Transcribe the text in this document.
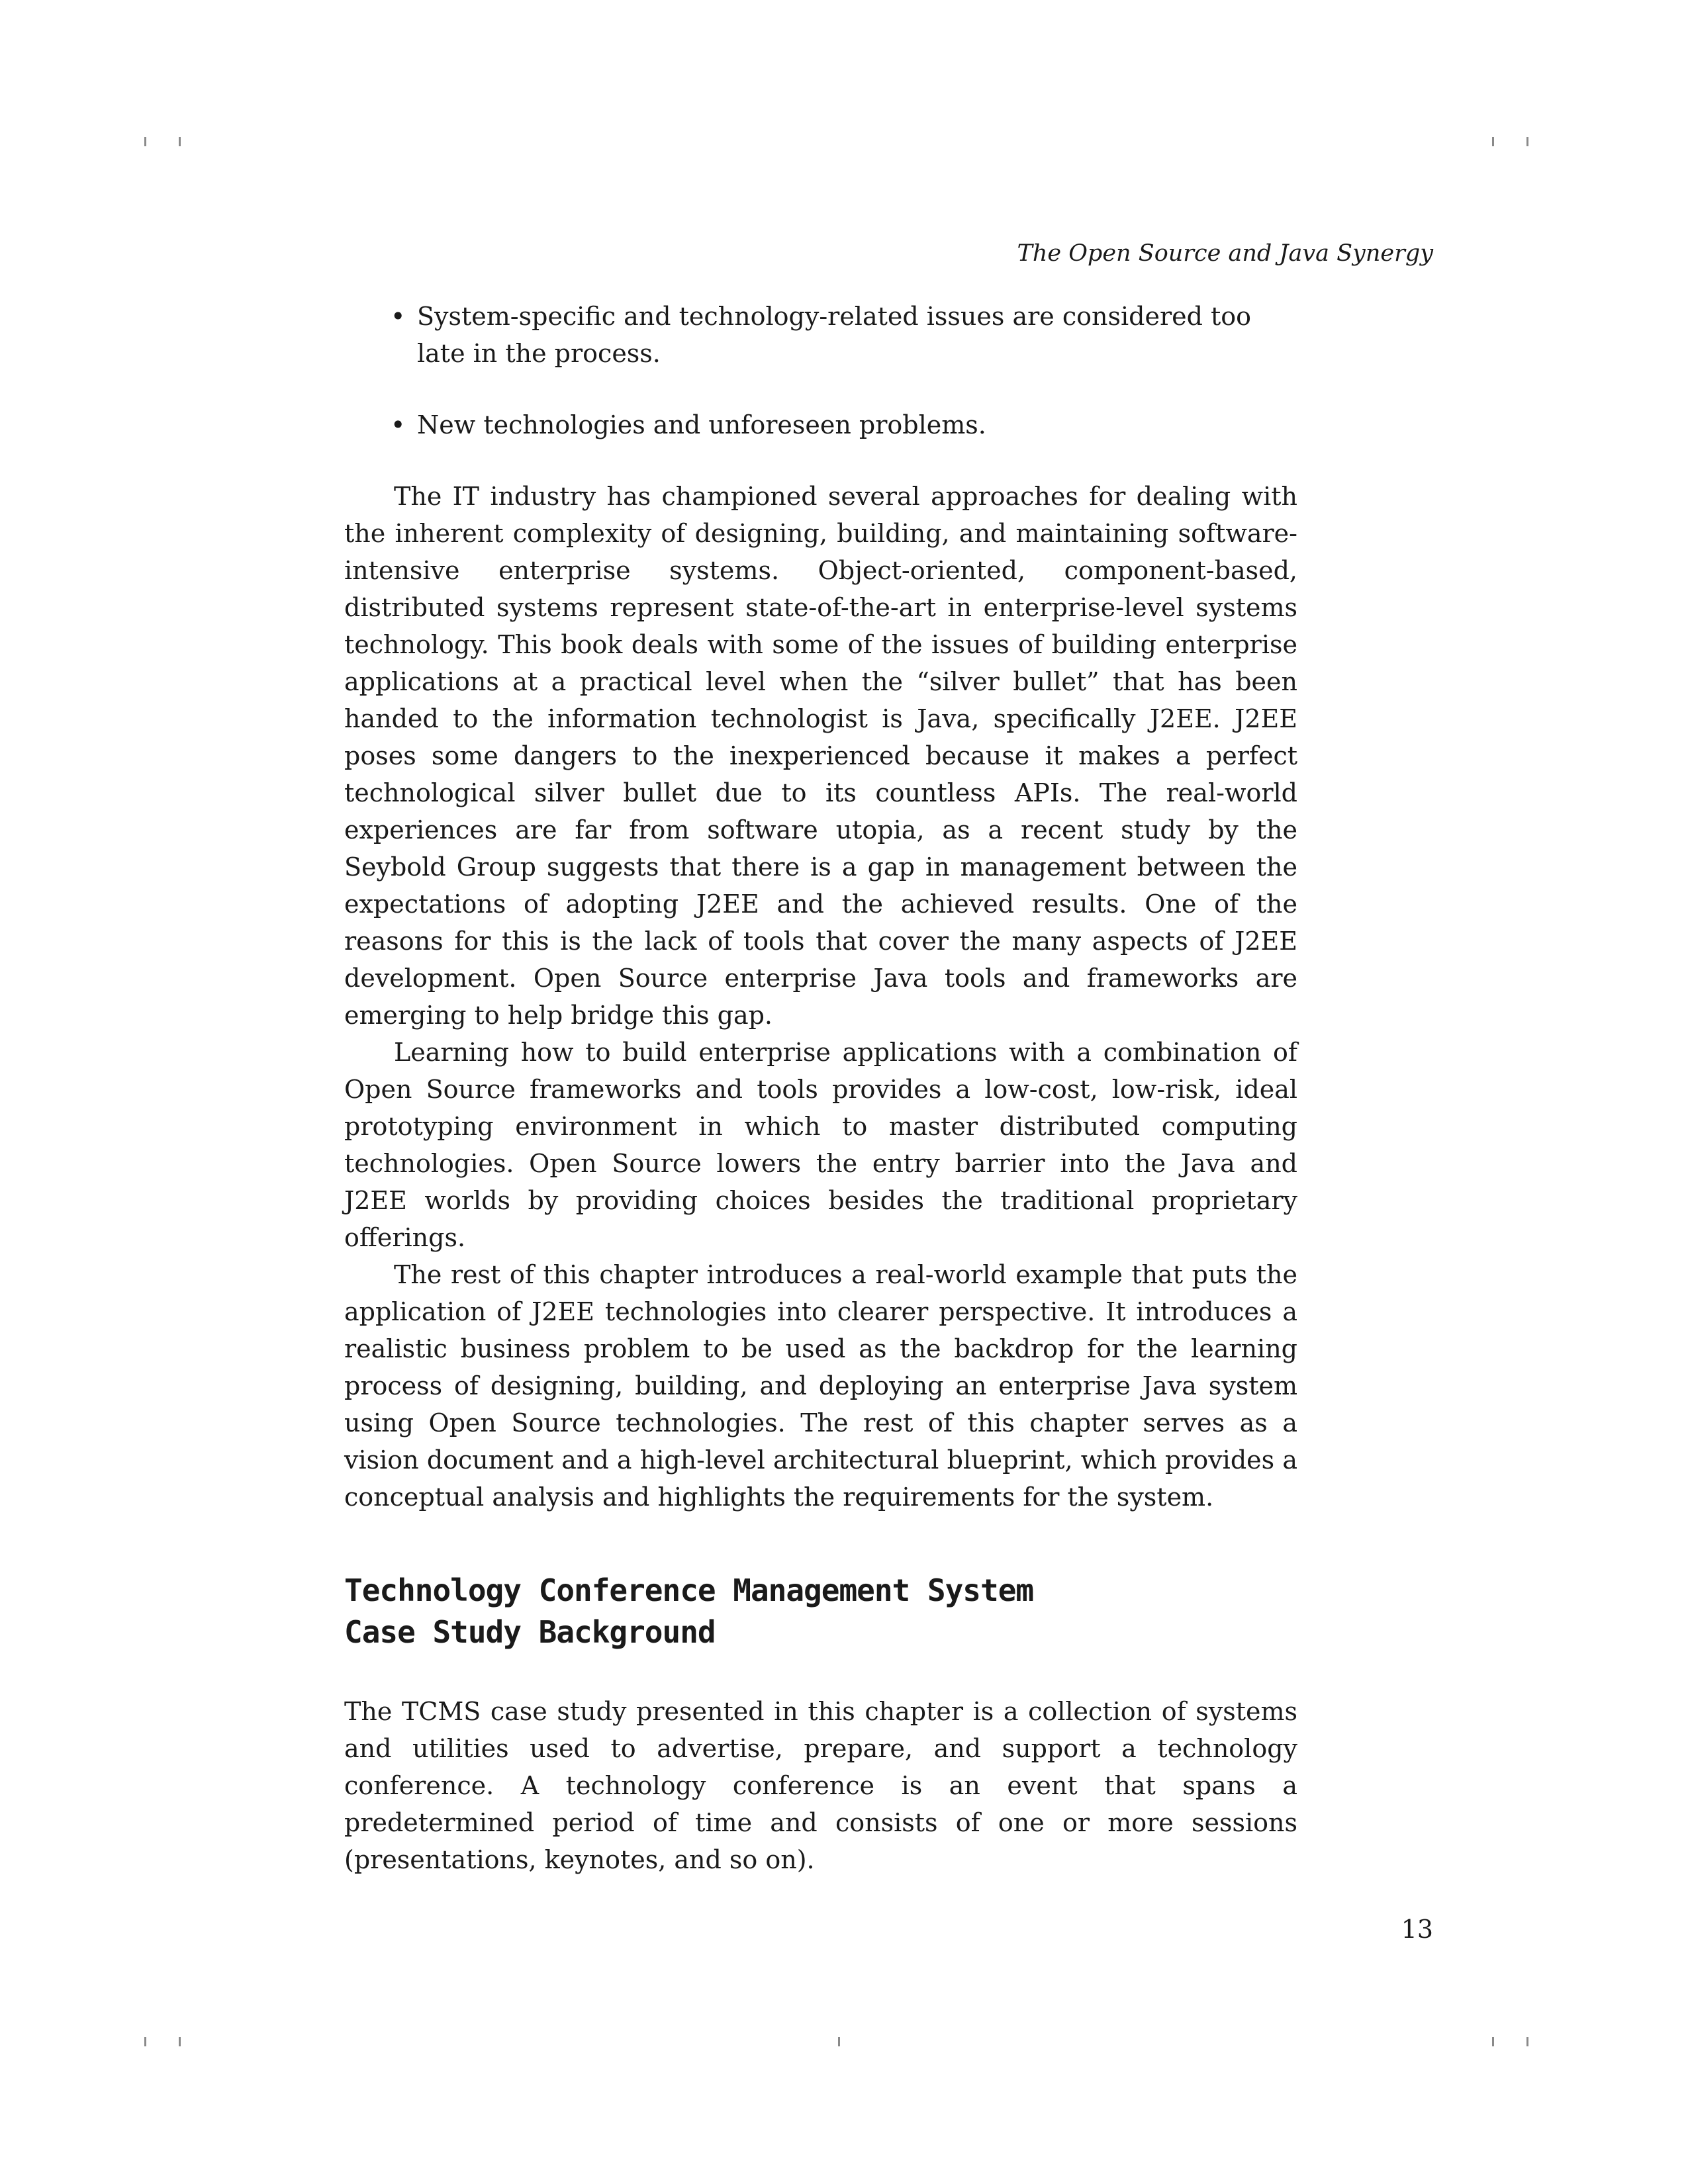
The Open Source and Java Synergy
• System-specific and technology-related issues are considered too late in the process.
• New technologies and unforeseen problems.

The IT industry has championed several approaches for dealing with the inherent complexity of designing, building, and maintaining software-intensive enterprise systems. Object-oriented, component-based, distributed systems represent state-of-the-art in enterprise-level systems technology. This book deals with some of the issues of building enterprise applications at a practical level when the “silver bullet” that has been handed to the information technologist is Java, specifically J2EE. J2EE poses some dangers to the inexperienced because it makes a perfect technological silver bullet due to its countless APIs. The real-world experiences are far from software utopia, as a recent study by the Seybold Group suggests that there is a gap in management between the expectations of adopting J2EE and the achieved results. One of the reasons for this is the lack of tools that cover the many aspects of J2EE development. Open Source enterprise Java tools and frameworks are emerging to help bridge this gap.

Learning how to build enterprise applications with a combination of Open Source frameworks and tools provides a low-cost, low-risk, ideal prototyping environment in which to master distributed computing technologies. Open Source lowers the entry barrier into the Java and J2EE worlds by providing choices besides the traditional proprietary offerings.

The rest of this chapter introduces a real-world example that puts the application of J2EE technologies into clearer perspective. It introduces a realistic business problem to be used as the backdrop for the learning process of designing, building, and deploying an enterprise Java system using Open Source technologies. The rest of this chapter serves as a vision document and a high-level architectural blueprint, which provides a conceptual analysis and highlights the requirements for the system.

Technology Conference Management System
Case Study Background

The TCMS case study presented in this chapter is a collection of systems and utilities used to advertise, prepare, and support a technology conference. A technology conference is an event that spans a predetermined period of time and consists of one or more sessions (presentations, keynotes, and so on).

13
